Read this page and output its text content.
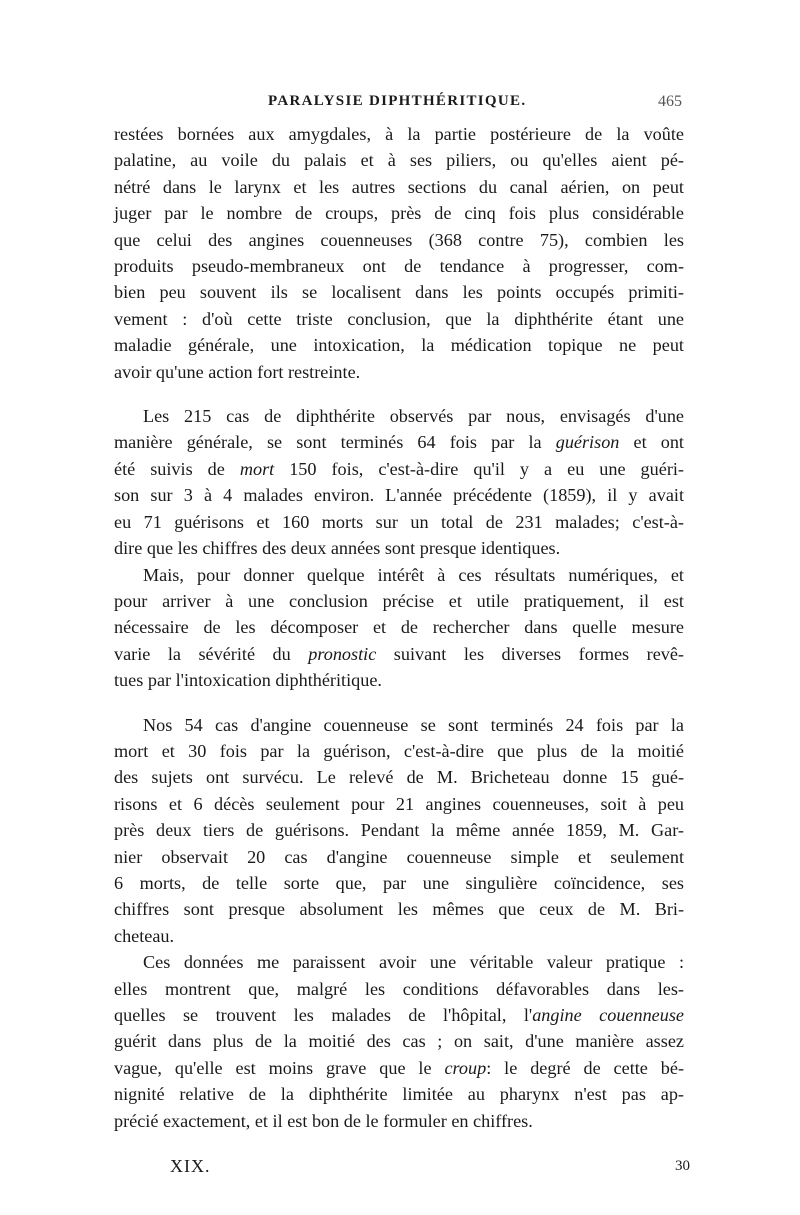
PARALYSIE DIPHTHÉRITIQUE.	465
restées bornées aux amygdales, à la partie postérieure de la voûte
palatine, au voile du palais et à ses piliers, ou qu'elles aient pé-
nétré dans le larynx et les autres sections du canal aérien, on peut
juger par le nombre de croups, près de cinq fois plus considérable
que celui des angines couenneuses (368 contre 75), combien les
produits pseudo-membraneux ont de tendance à progresser, com-
bien peu souvent ils se localisent dans les points occupés primiti-
vement : d'où cette triste conclusion, que la diphthérite étant une
maladie générale, une intoxication, la médication topique ne peut
avoir qu'une action fort restreinte.
Les 215 cas de diphthérite observés par nous, envisagés d'une
manière générale, se sont terminés 64 fois par la guérison et ont
été suivis de mort 150 fois, c'est-à-dire qu'il y a eu une guéri-
son sur 3 à 4 malades environ. L'année précédente (1859), il y avait
eu 71 guérisons et 160 morts sur un total de 231 malades; c'est-à-
dire que les chiffres des deux années sont presque identiques.
Mais, pour donner quelque intérêt à ces résultats numériques, et
pour arriver à une conclusion précise et utile pratiquement, il est
nécessaire de les décomposer et de rechercher dans quelle mesure
varie la sévérité du pronostic suivant les diverses formes revê-
tues par l'intoxication diphthéritique.
Nos 54 cas d'angine couenneuse se sont terminés 24 fois par la
mort et 30 fois par la guérison, c'est-à-dire que plus de la moitié
des sujets ont survécu. Le relevé de M. Bricheteau donne 15 gué-
risons et 6 décès seulement pour 21 angines couenneuses, soit à peu
près deux tiers de guérisons. Pendant la même année 1859, M. Gar-
nier observait 20 cas d'angine couenneuse simple et seulement
6 morts, de telle sorte que, par une singulière coïncidence, ses
chiffres sont presque absolument les mêmes que ceux de M. Bri-
cheteau.
Ces données me paraissent avoir une véritable valeur pratique :
elles montrent que, malgré les conditions défavorables dans les-
quelles se trouvent les malades de l'hôpital, l'angine couenneuse
guérit dans plus de la moitié des cas ; on sait, d'une manière assez
vague, qu'elle est moins grave que le croup: le degré de cette bé-
nignité relative de la diphthérite limitée au pharynx n'est pas ap-
précié exactement, et il est bon de le formuler en chiffres.
XIX.	30
